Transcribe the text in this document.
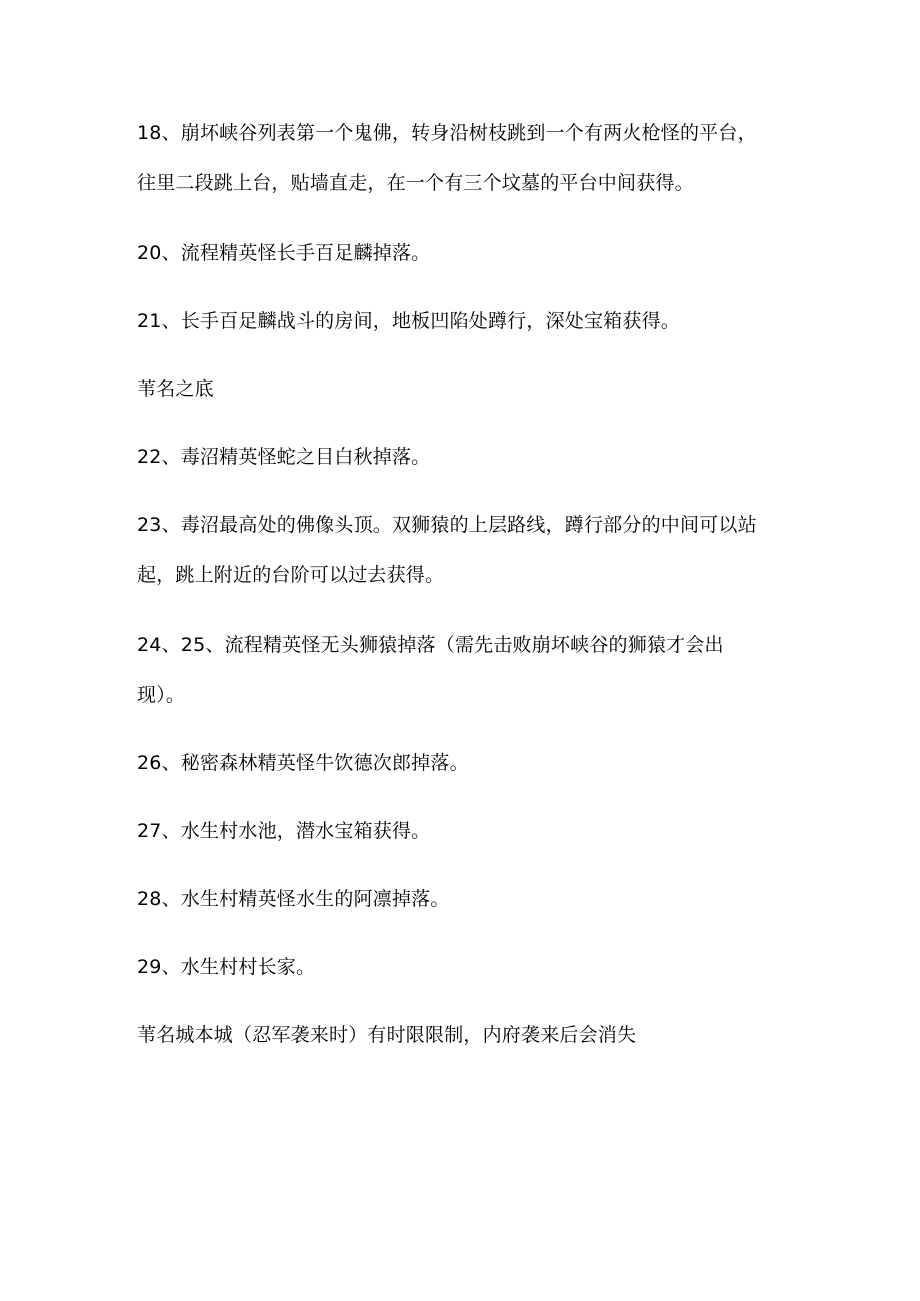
18、崩坏峡谷列表第一个鬼佛，转身沿树枝跳到一个有两火枪怪的平台，
往里二段跳上台，贴墙直走，在一个有三个坟墓的平台中间获得。
20、流程精英怪长手百足麟掉落。
21、长手百足麟战斗的房间，地板凹陷处蹲行，深处宝箱获得。
苇名之底
22、毒沼精英怪蛇之目白秋掉落。
23、毒沼最高处的佛像头顶。双狮猿的上层路线，蹲行部分的中间可以站
起，跳上附近的台阶可以过去获得。
24、25、流程精英怪无头狮猿掉落（需先击败崩坏峡谷的狮猿才会出
现）。
26、秘密森林精英怪牛饮德次郎掉落。
27、水生村水池，潜水宝箱获得。
28、水生村精英怪水生的阿凛掉落。
29、水生村村长家。
苇名城本城（忍军袭来时）有时限限制，内府袭来后会消失
